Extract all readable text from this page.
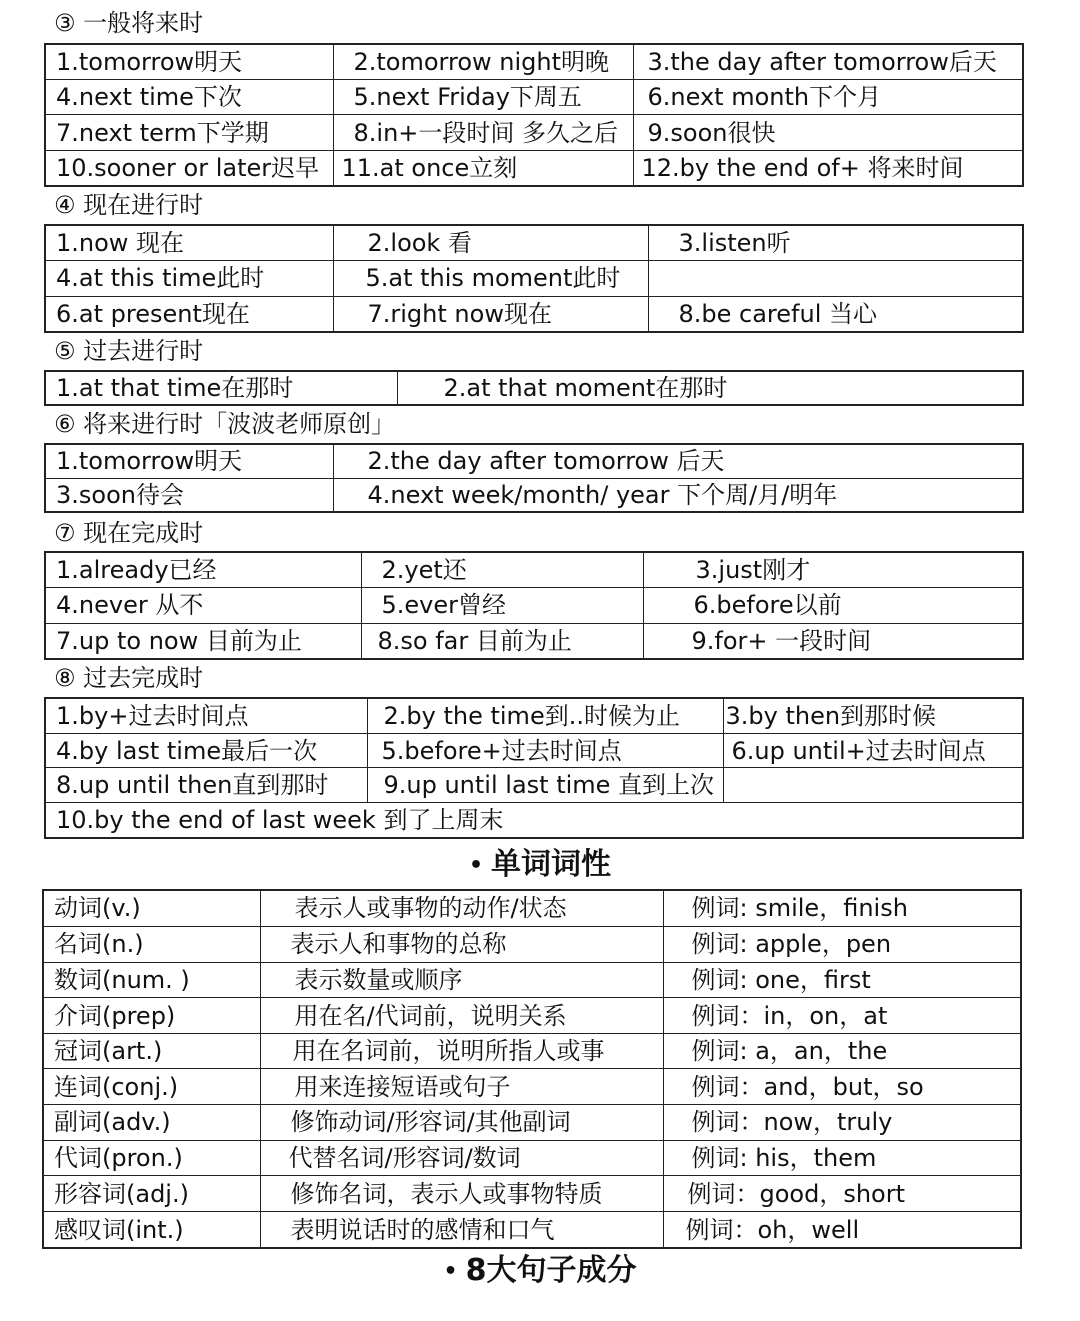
③ 一般将来时
1.tomorrow明天	2.tomorrow night明晚	3.the day after tomorrow后天
4.next time下次	5.next Friday下周五	6.next month下个月
7.next term下学期	8.in+一段时间 多久之后	9.soon很快
10.sooner or later迟早	11.at once立刻	12.by the end of+ 将来时间
④ 现在进行时
1.now 现在	2.look 看	3.listen听
4.at this time此时	5.at this moment此时	
6.at present现在	7.right now现在	8.be careful 当心
⑤ 过去进行时
1.at that time在那时	2.at that moment在那时
⑥ 将来进行时「波波老师原创」
1.tomorrow明天	2.the day after tomorrow 后天
3.soon待会	4.next week/month/ year 下个周/月/明年
⑦ 现在完成时
1.already已经	2.yet还	3.just刚才
4.never 从不	5.ever曾经	6.before以前
7.up to now 目前为止	8.so far 目前为止	9.for+ 一段时间
⑧ 过去完成时
1.by+过去时间点	2.by the time到..时候为止	3.by then到那时候
4.by last time最后一次	5.before+过去时间点	6.up until+过去时间点
8.up until then直到那时	9.up until last time 直到上次	
10.by the end of last week 到了上周末		
• 单词词性
动词(v.)	表示人或事物的动作/状态	例词: smile，finish
名词(n.)	表示人和事物的总称	例词: apple，pen
数词(num. )	表示数量或顺序	例词: one，first
介词(prep)	用在名/代词前，说明关系	例词：in，on，at
冠词(art.)	用在名词前，说明所指人或事	例词: a，an，the
连词(conj.)	用来连接短语或句子	例词：and，but，so
副词(adv.)	修饰动词/形容词/其他副词	例词：now，truly
代词(pron.)	代替名词/形容词/数词	例词: his，them
形容词(adj.)	修饰名词，表示人或事物特质	例词：good，short
感叹词(int.)	表明说话时的感情和口气	例词：oh，well
• 8大句子成分
